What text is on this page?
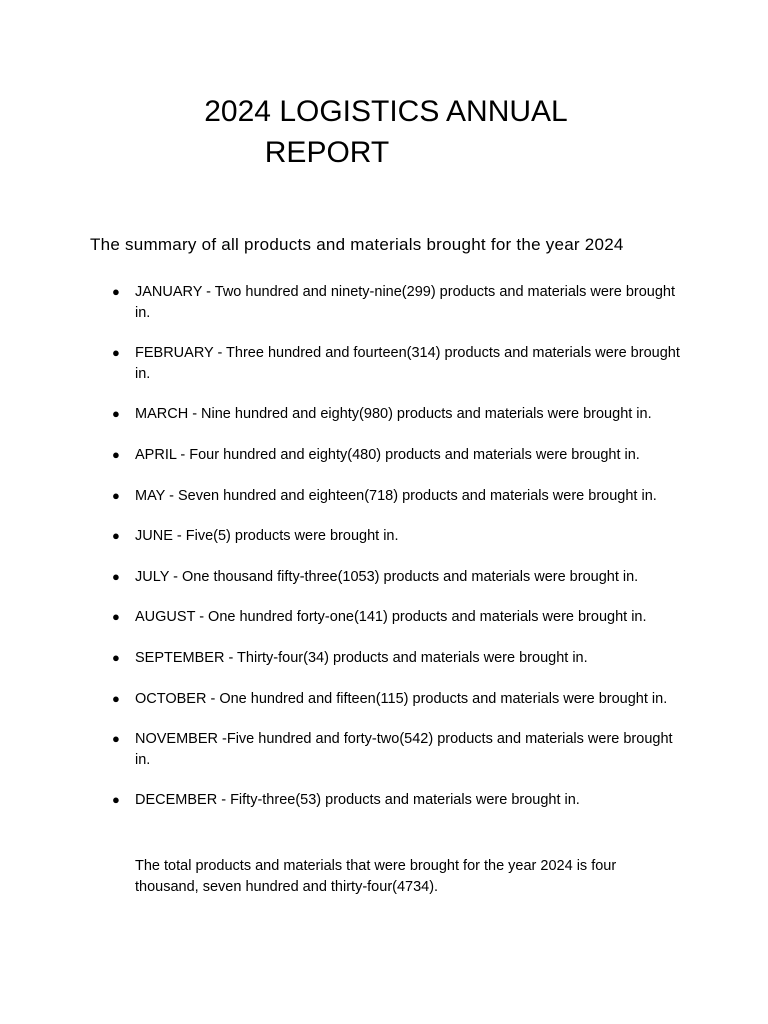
2024 LOGISTICS ANNUAL
REPORT

The summary of all products and materials brought for the year 2024

● JANUARY - Two hundred and ninety-nine(299) products and materials were brought in.
● FEBRUARY - Three hundred and fourteen(314) products and materials were brought in.
● MARCH - Nine hundred and eighty(980) products and materials were brought in.
● APRIL - Four hundred and eighty(480) products and materials were brought in.
● MAY - Seven hundred and eighteen(718) products and materials were brought in.
● JUNE - Five(5) products were brought in.
● JULY - One thousand fifty-three(1053) products and materials were brought in.
● AUGUST - One hundred forty-one(141) products and materials were brought in.
● SEPTEMBER - Thirty-four(34) products and materials were brought in.
● OCTOBER - One hundred and fifteen(115) products and materials were brought in.
● NOVEMBER -Five hundred and forty-two(542) products and materials were brought in.
● DECEMBER - Fifty-three(53) products and materials were brought in.

The total products and materials that were brought for the year 2024 is four thousand, seven hundred and thirty-four(4734).
